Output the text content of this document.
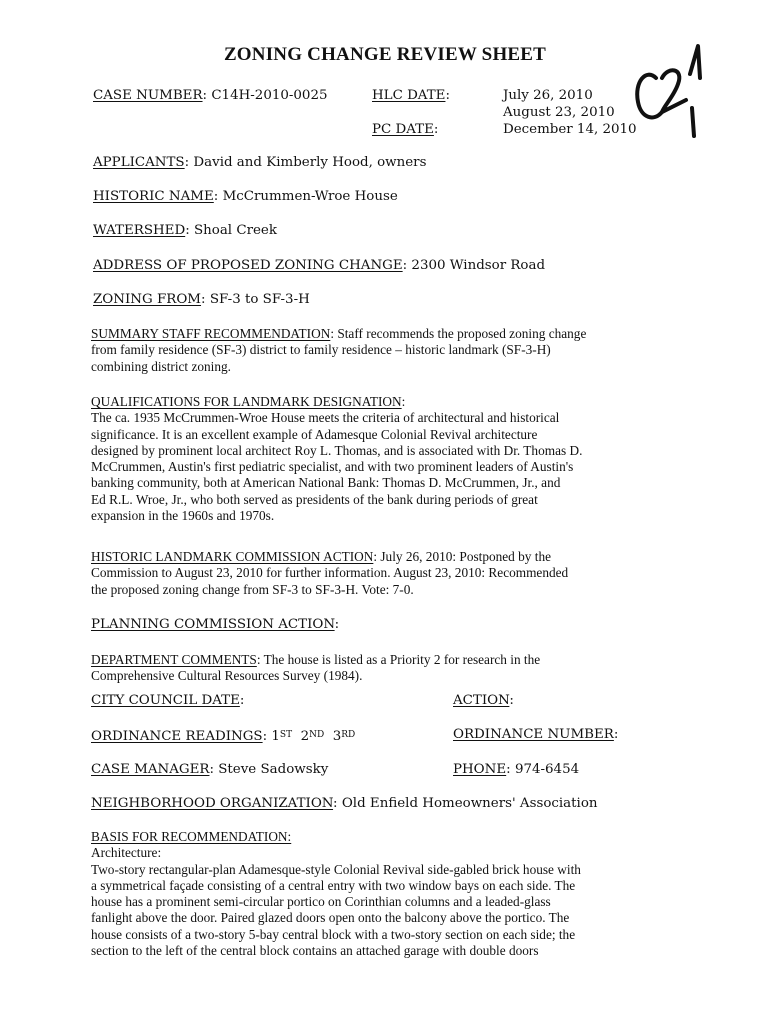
ZONING CHANGE REVIEW SHEET
CASE NUMBER: C14H-2010-0025	HLC DATE:	July 26, 2010
August 23, 2010
PC DATE:	December 14, 2010
APPLICANTS: David and Kimberly Hood, owners
HISTORIC NAME: McCrummen-Wroe House
WATERSHED: Shoal Creek
ADDRESS OF PROPOSED ZONING CHANGE: 2300 Windsor Road
ZONING FROM: SF-3 to SF-3-H
SUMMARY STAFF RECOMMENDATION: Staff recommends the proposed zoning change
from family residence (SF-3) district to family residence – historic landmark (SF-3-H)
combining district zoning.
QUALIFICATIONS FOR LANDMARK DESIGNATION:
The ca. 1935 McCrummen-Wroe House meets the criteria of architectural and historical
significance. It is an excellent example of Adamesque Colonial Revival architecture
designed by prominent local architect Roy L. Thomas, and is associated with Dr. Thomas D.
McCrummen, Austin's first pediatric specialist, and with two prominent leaders of Austin's
banking community, both at American National Bank: Thomas D. McCrummen, Jr., and
Ed R.L. Wroe, Jr., who both served as presidents of the bank during periods of great
expansion in the 1960s and 1970s.
HISTORIC LANDMARK COMMISSION ACTION: July 26, 2010: Postponed by the
Commission to August 23, 2010 for further information. August 23, 2010: Recommended
the proposed zoning change from SF-3 to SF-3-H. Vote: 7-0.
PLANNING COMMISSION ACTION:
DEPARTMENT COMMENTS: The house is listed as a Priority 2 for research in the
Comprehensive Cultural Resources Survey (1984).
CITY COUNCIL DATE:	ACTION:
ORDINANCE READINGS: 1ST 2ND 3RD	ORDINANCE NUMBER:
CASE MANAGER: Steve Sadowsky	PHONE: 974-6454
NEIGHBORHOOD ORGANIZATION: Old Enfield Homeowners' Association
BASIS FOR RECOMMENDATION:
Architecture:
Two-story rectangular-plan Adamesque-style Colonial Revival side-gabled brick house with
a symmetrical façade consisting of a central entry with two window bays on each side. The
house has a prominent semi-circular portico on Corinthian columns and a leaded-glass
fanlight above the door. Paired glazed doors open onto the balcony above the portico. The
house consists of a two-story 5-bay central block with a two-story section on each side; the
section to the left of the central block contains an attached garage with double doors
